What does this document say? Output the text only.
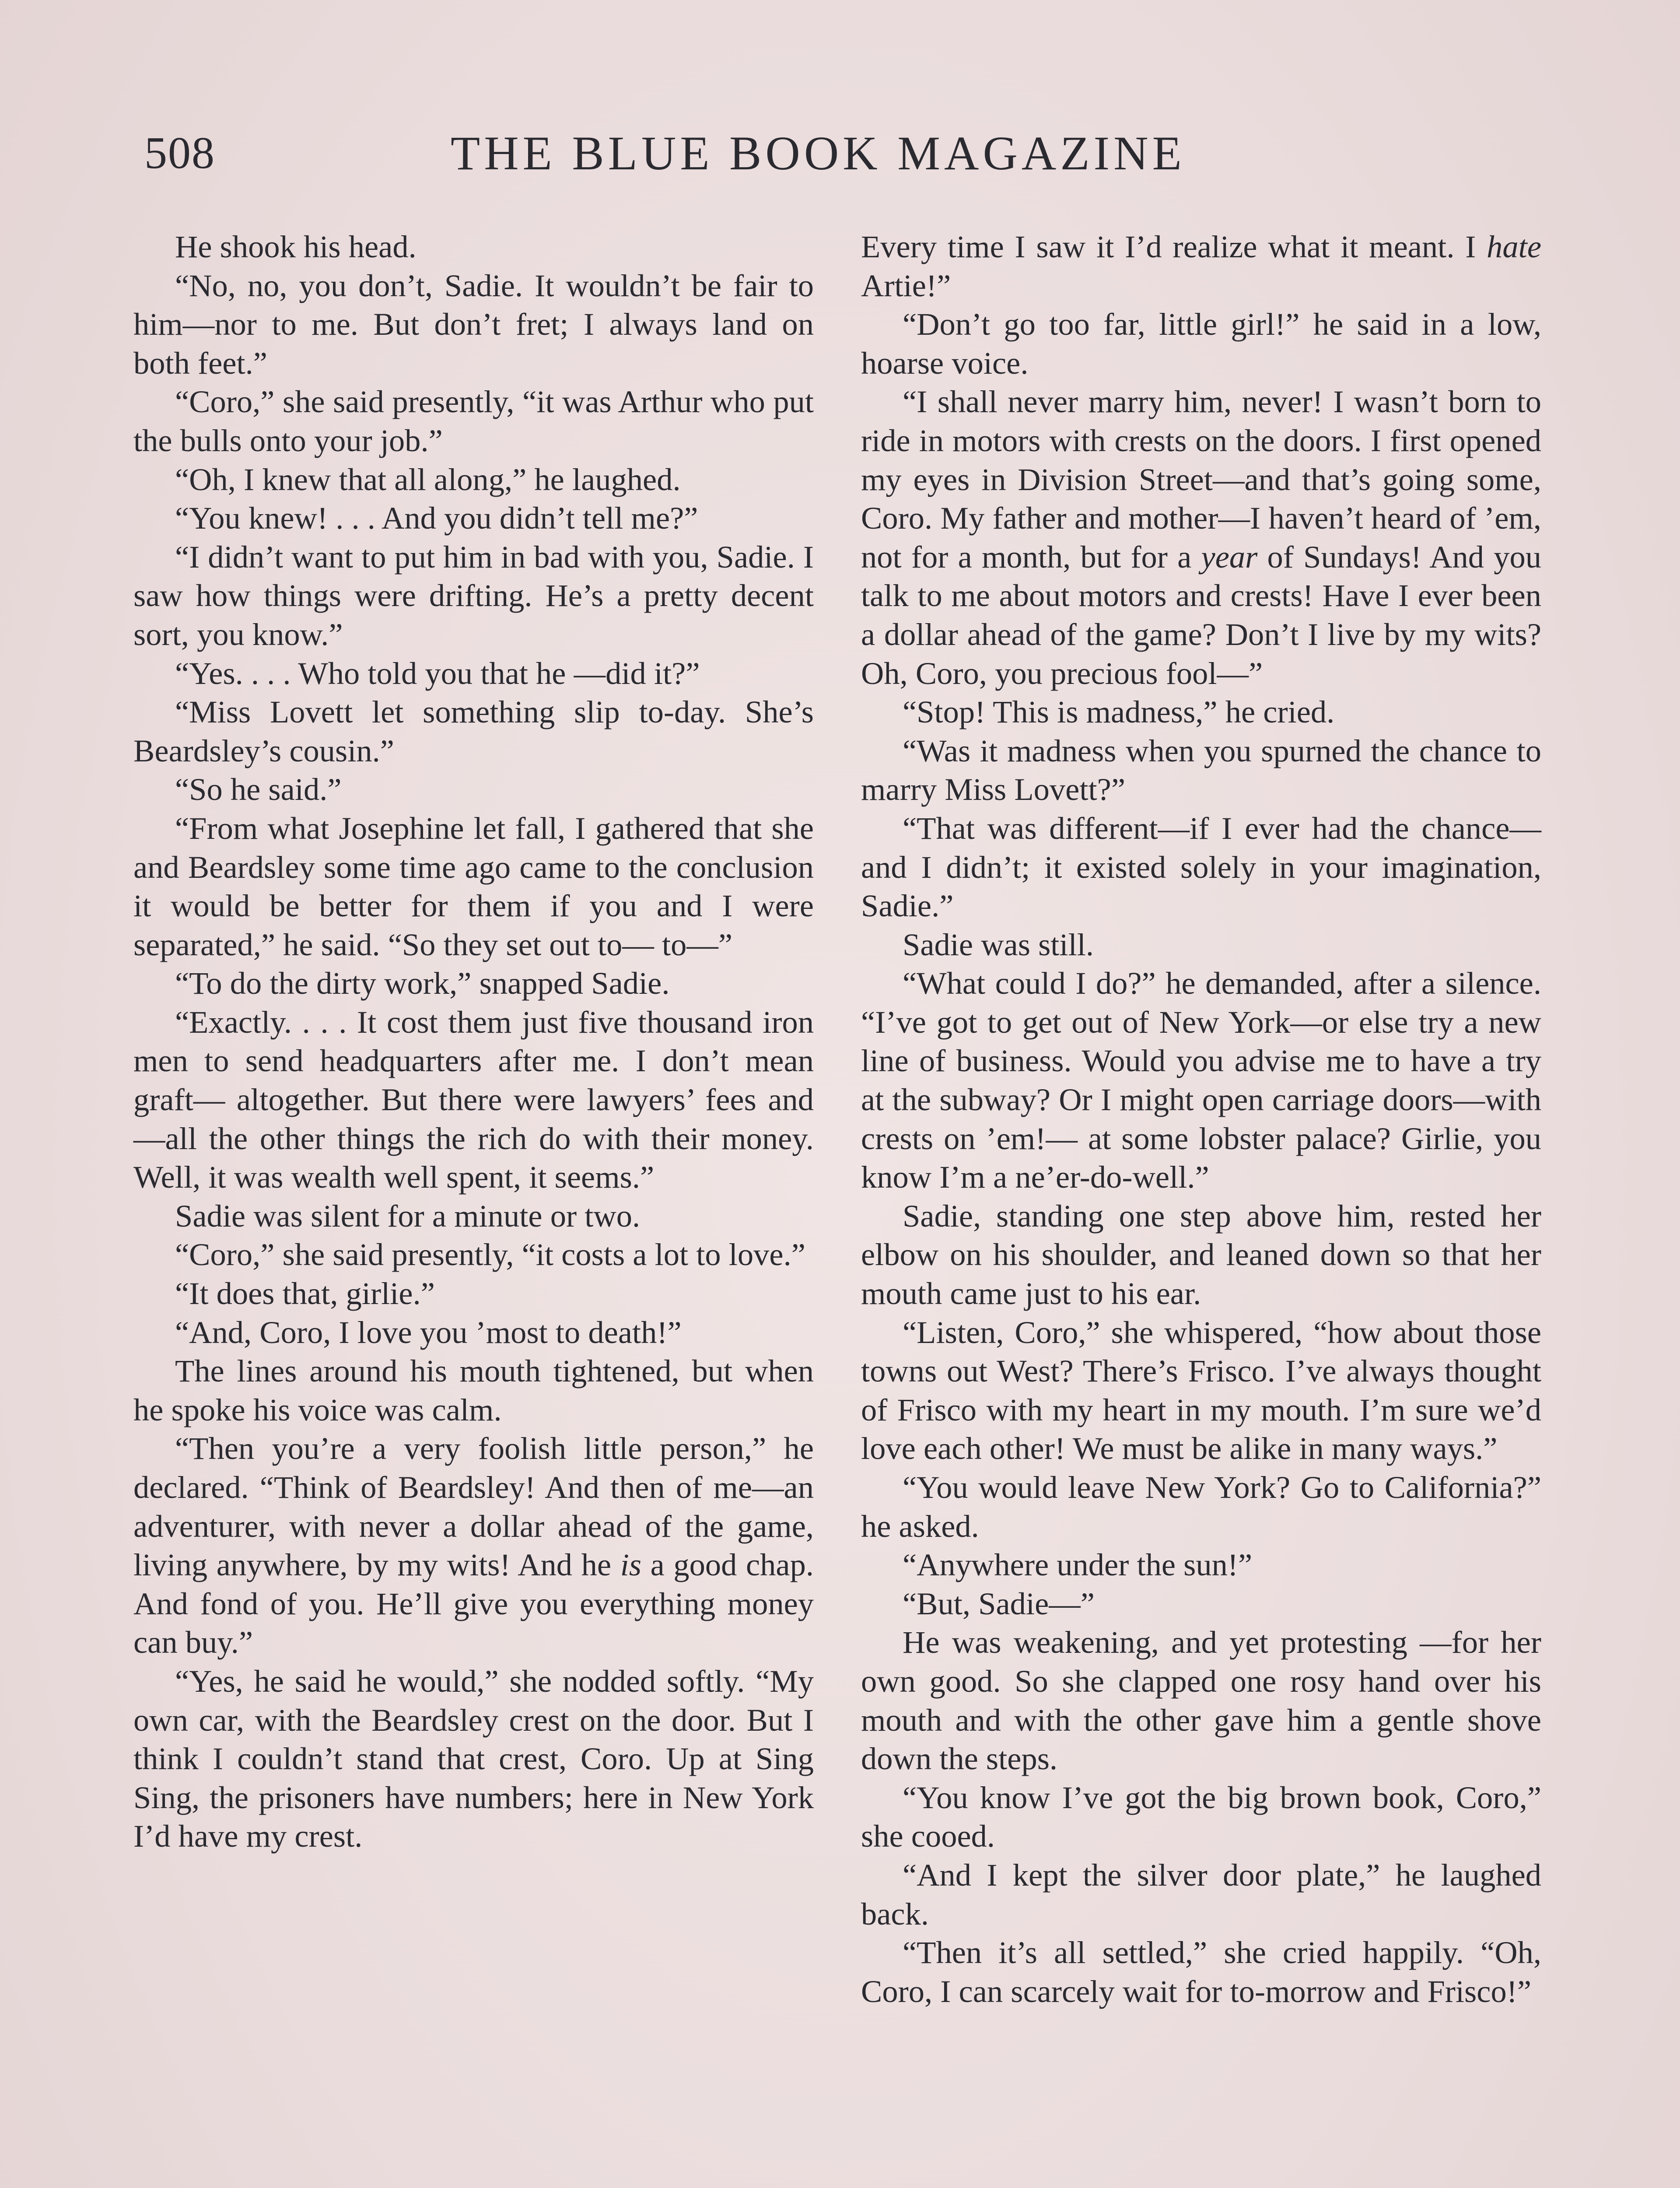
508	THE BLUE BOOK MAGAZINE

He shook his head.

“No, no, you don’t, Sadie. It wouldn’t be fair to him—nor to me. But don’t fret; I always land on both feet.”

“Coro,” she said presently, “it was Arthur who put the bulls onto your job.”

“Oh, I knew that all along,” he laughed.

“You knew! . . . And you didn’t tell me?”

“I didn’t want to put him in bad with you, Sadie. I saw how things were drifting. He’s a pretty decent sort, you know.”

“Yes. . . . Who told you that he —did it?”

“Miss Lovett let something slip to-day. She’s Beardsley’s cousin.”

“So he said.”

“From what Josephine let fall, I gathered that she and Beardsley some time ago came to the conclusion it would be better for them if you and I were separated,” he said. “So they set out to— to—”

“To do the dirty work,” snapped Sadie.

“Exactly. . . . It cost them just five thousand iron men to send headquarters after me. I don’t mean graft— altogether. But there were lawyers’ fees and—all the other things the rich do with their money. Well, it was wealth well spent, it seems.”

Sadie was silent for a minute or two.

“Coro,” she said presently, “it costs a lot to love.”

“It does that, girlie.”

“And, Coro, I love you ’most to death!”

The lines around his mouth tightened, but when he spoke his voice was calm.

“Then you’re a very foolish little person,” he declared. “Think of Beardsley! And then of me—an adventurer, with never a dollar ahead of the game, living anywhere, by my wits! And he is a good chap. And fond of you. He’ll give you everything money can buy.”

“Yes, he said he would,” she nodded softly. “My own car, with the Beardsley crest on the door. But I think I couldn’t stand that crest, Coro. Up at Sing Sing, the prisoners have numbers; here in New York I’d have my crest.

Every time I saw it I’d realize what it meant. I hate Artie!”

“Don’t go too far, little girl!” he said in a low, hoarse voice.

“I shall never marry him, never! I wasn’t born to ride in motors with crests on the doors. I first opened my eyes in Division Street—and that’s going some, Coro. My father and mother—I haven’t heard of ’em, not for a month, but for a year of Sundays! And you talk to me about motors and crests! Have I ever been a dollar ahead of the game? Don’t I live by my wits? Oh, Coro, you precious fool—”

“Stop! This is madness,” he cried.

“Was it madness when you spurned the chance to marry Miss Lovett?”

“That was different—if I ever had the chance—and I didn’t; it existed solely in your imagination, Sadie.”

Sadie was still.

“What could I do?” he demanded, after a silence. “I’ve got to get out of New York—or else try a new line of business. Would you advise me to have a try at the subway? Or I might open carriage doors—with crests on ’em!— at some lobster palace? Girlie, you know I’m a ne’er-do-well.”

Sadie, standing one step above him, rested her elbow on his shoulder, and leaned down so that her mouth came just to his ear.

“Listen, Coro,” she whispered, “how about those towns out West? There’s Frisco. I’ve always thought of Frisco with my heart in my mouth. I’m sure we’d love each other! We must be alike in many ways.”

“You would leave New York? Go to California?” he asked.

“Anywhere under the sun!”

“But, Sadie—”

He was weakening, and yet protesting —for her own good. So she clapped one rosy hand over his mouth and with the other gave him a gentle shove down the steps.

“You know I’ve got the big brown book, Coro,” she cooed.

“And I kept the silver door plate,” he laughed back.

“Then it’s all settled,” she cried happily. “Oh, Coro, I can scarcely wait for to-morrow and Frisco!”
